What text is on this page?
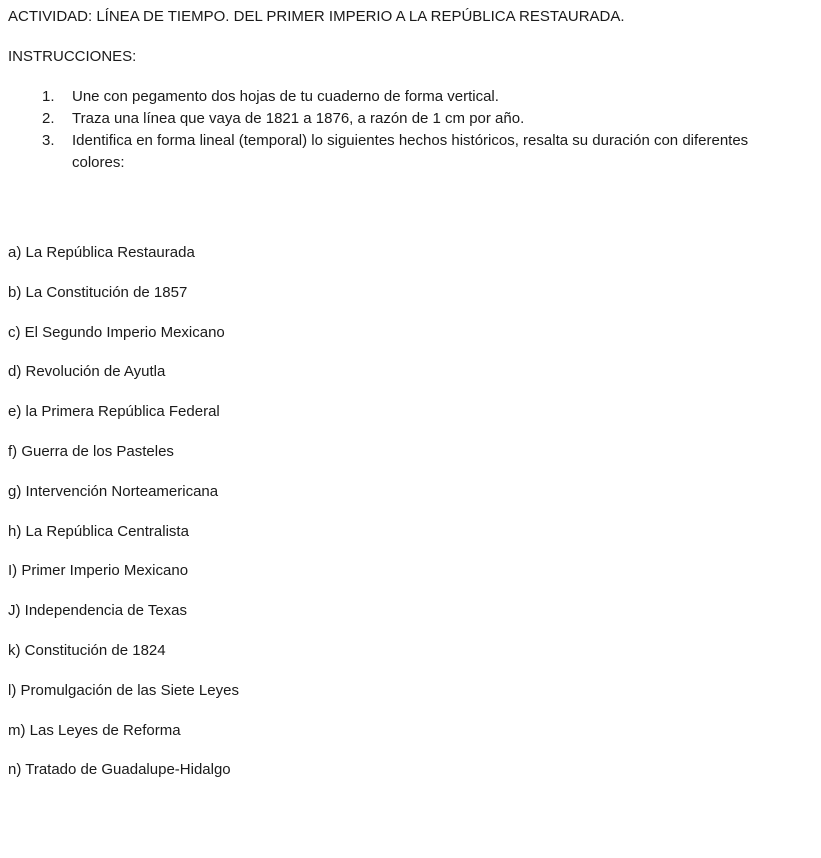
ACTIVIDAD: LÍNEA DE TIEMPO. DEL PRIMER IMPERIO A LA REPÚBLICA RESTAURADA.
INSTRUCCIONES:
1.	Une con pegamento dos hojas de tu cuaderno de forma vertical.
2.	Traza una línea que vaya de 1821 a 1876, a razón de 1 cm por año.
3.	Identifica en forma lineal (temporal) lo siguientes hechos históricos, resalta su duración con diferentes colores:
a) La República Restaurada
b) La Constitución de 1857
c) El Segundo Imperio Mexicano
d) Revolución de Ayutla
e) la Primera República Federal
f) Guerra de los Pasteles
g) Intervención Norteamericana
h) La República Centralista
I) Primer Imperio Mexicano
J) Independencia de Texas
k) Constitución de 1824
l) Promulgación de las Siete Leyes
m) Las Leyes de Reforma
n) Tratado de Guadalupe-Hidalgo
